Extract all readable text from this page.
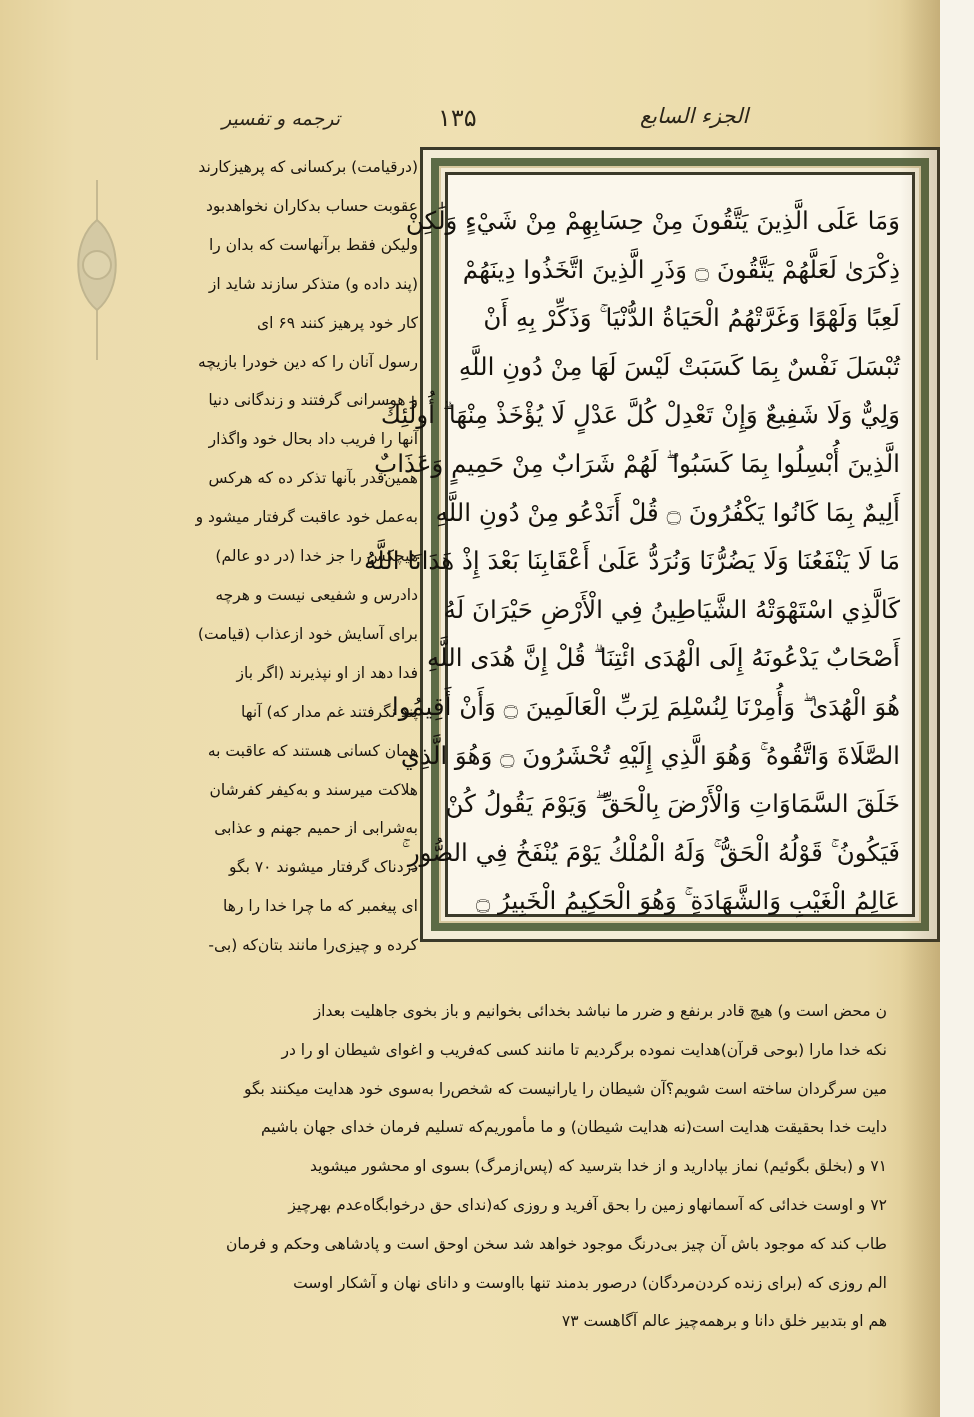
ترجمه و تفسیر	۱۳۵	الجزء السابع
(درقیامت) برکسانی که پرهیزکارند
عقوبت حساب بدکاران نخواهدبود
ولیکن فقط برآنهاست که بدان را
(پند داده و) متذکر سازند شاید از
کار خود پرهیز کنند ۶۹ ای
رسول آنان را که دین خودرا بازیچه
و هوسرانی گرفتند و زندگانی دنیا
آنها را فریب داد بحال خود واگذار
همین‌قدر بآنها تذکر ده که هرکس
به‌عمل خود عاقبت گرفتار میشود و
هیچکس را جز خدا (در دو عالم)
دادرس و شفیعی نیست و هرچه
برای آسایش خود ازعذاب (قیامت)
فدا دهد از او نپذیرند (اگر باز
پند نگرفتند غم مدار که) آنها
همان کسانی هستند که عاقبت به
هلاکت میرسند و به‌کیفر کفرشان
به‌شرابی از حمیم جهنم و عذابی
دردناک گرفتار میشوند ۷۰ بگو
ای پیغمبر که ما چرا خدا را رها
کرده و چیزی‌را مانند بتان‌که (بی-
وَمَا عَلَى الَّذِينَ يَتَّقُونَ مِنْ حِسَابِهِمْ مِنْ شَيْءٍ وَلَٰكِنْ
ذِكْرَىٰ لَعَلَّهُمْ يَتَّقُونَ ۝ وَذَرِ الَّذِينَ اتَّخَذُوا دِينَهُمْ
لَعِبًا وَلَهْوًا وَغَرَّتْهُمُ الْحَيَاةُ الدُّنْيَا ۚ وَذَكِّرْ بِهِ أَنْ
تُبْسَلَ نَفْسٌ بِمَا كَسَبَتْ لَيْسَ لَهَا مِنْ دُونِ اللَّهِ
وَلِيٌّ وَلَا شَفِيعٌ وَإِنْ تَعْدِلْ كُلَّ عَدْلٍ لَا يُؤْخَذْ مِنْهَا ۗ أُولَٰئِكَ
الَّذِينَ أُبْسِلُوا بِمَا كَسَبُوا ۖ لَهُمْ شَرَابٌ مِنْ حَمِيمٍ وَعَذَابٌ
أَلِيمٌ بِمَا كَانُوا يَكْفُرُونَ ۝ قُلْ أَنَدْعُو مِنْ دُونِ اللَّهِ
مَا لَا يَنْفَعُنَا وَلَا يَضُرُّنَا وَنُرَدُّ عَلَىٰ أَعْقَابِنَا بَعْدَ إِذْ هَدَانَا اللَّهُ
كَالَّذِي اسْتَهْوَتْهُ الشَّيَاطِينُ فِي الْأَرْضِ حَيْرَانَ لَهُ
أَصْحَابٌ يَدْعُونَهُ إِلَى الْهُدَى ائْتِنَا ۗ قُلْ إِنَّ هُدَى اللَّهِ
هُوَ الْهُدَىٰ ۖ وَأُمِرْنَا لِنُسْلِمَ لِرَبِّ الْعَالَمِينَ ۝ وَأَنْ أَقِيمُوا
الصَّلَاةَ وَاتَّقُوهُ ۚ وَهُوَ الَّذِي إِلَيْهِ تُحْشَرُونَ ۝ وَهُوَ الَّذِي
خَلَقَ السَّمَاوَاتِ وَالْأَرْضَ بِالْحَقِّ ۖ وَيَوْمَ يَقُولُ كُنْ
فَيَكُونُ ۚ قَوْلُهُ الْحَقُّ ۚ وَلَهُ الْمُلْكُ يَوْمَ يُنْفَخُ فِي الصُّورِ ۚ
عَالِمُ الْغَيْبِ وَالشَّهَادَةِ ۚ وَهُوَ الْحَكِيمُ الْخَبِيرُ ۝
ن محض است و) هیچ قادر برنفع و ضرر ما نباشد بخدائی بخوانیم و باز بخوی جاهلیت بعداز
نکه خدا مارا (بوحی قرآن)هدایت نموده برگردیم تا مانند کسی که‌فریب و اغوای شیطان او را در
مین سرگردان ساخته است شویم؟آن شیطان را یارانیست که شخص‌را به‌سوی خود هدایت میکنند بگو
دایت خدا بحقیقت هدایت است(نه هدایت شیطان) و ما مأموریم‌که تسلیم فرمان خدای جهان باشیم
۷۱ و (بخلق بگوئیم) نماز بپادارید و از خدا بترسید که (پس‌ازمرگ) بسوی او محشور میشوید
۷۲ و اوست خدائی که آسمانهاو زمین را بحق آفرید و روزی که(ندای حق درخوابگاه‌عدم بهرچیز
طاب کند که موجود باش آن چیز بی‌درنگ موجود خواهد شد سخن اوحق است و پادشاهی وحکم و فرمان
الم روزی که (برای زنده کردن‌مردگان) درصور بدمند تنها بااوست و دانای نهان و آشکار اوست
هم او بتدبیر خلق دانا و برهمه‌چیز عالم آگاهست ۷۳
